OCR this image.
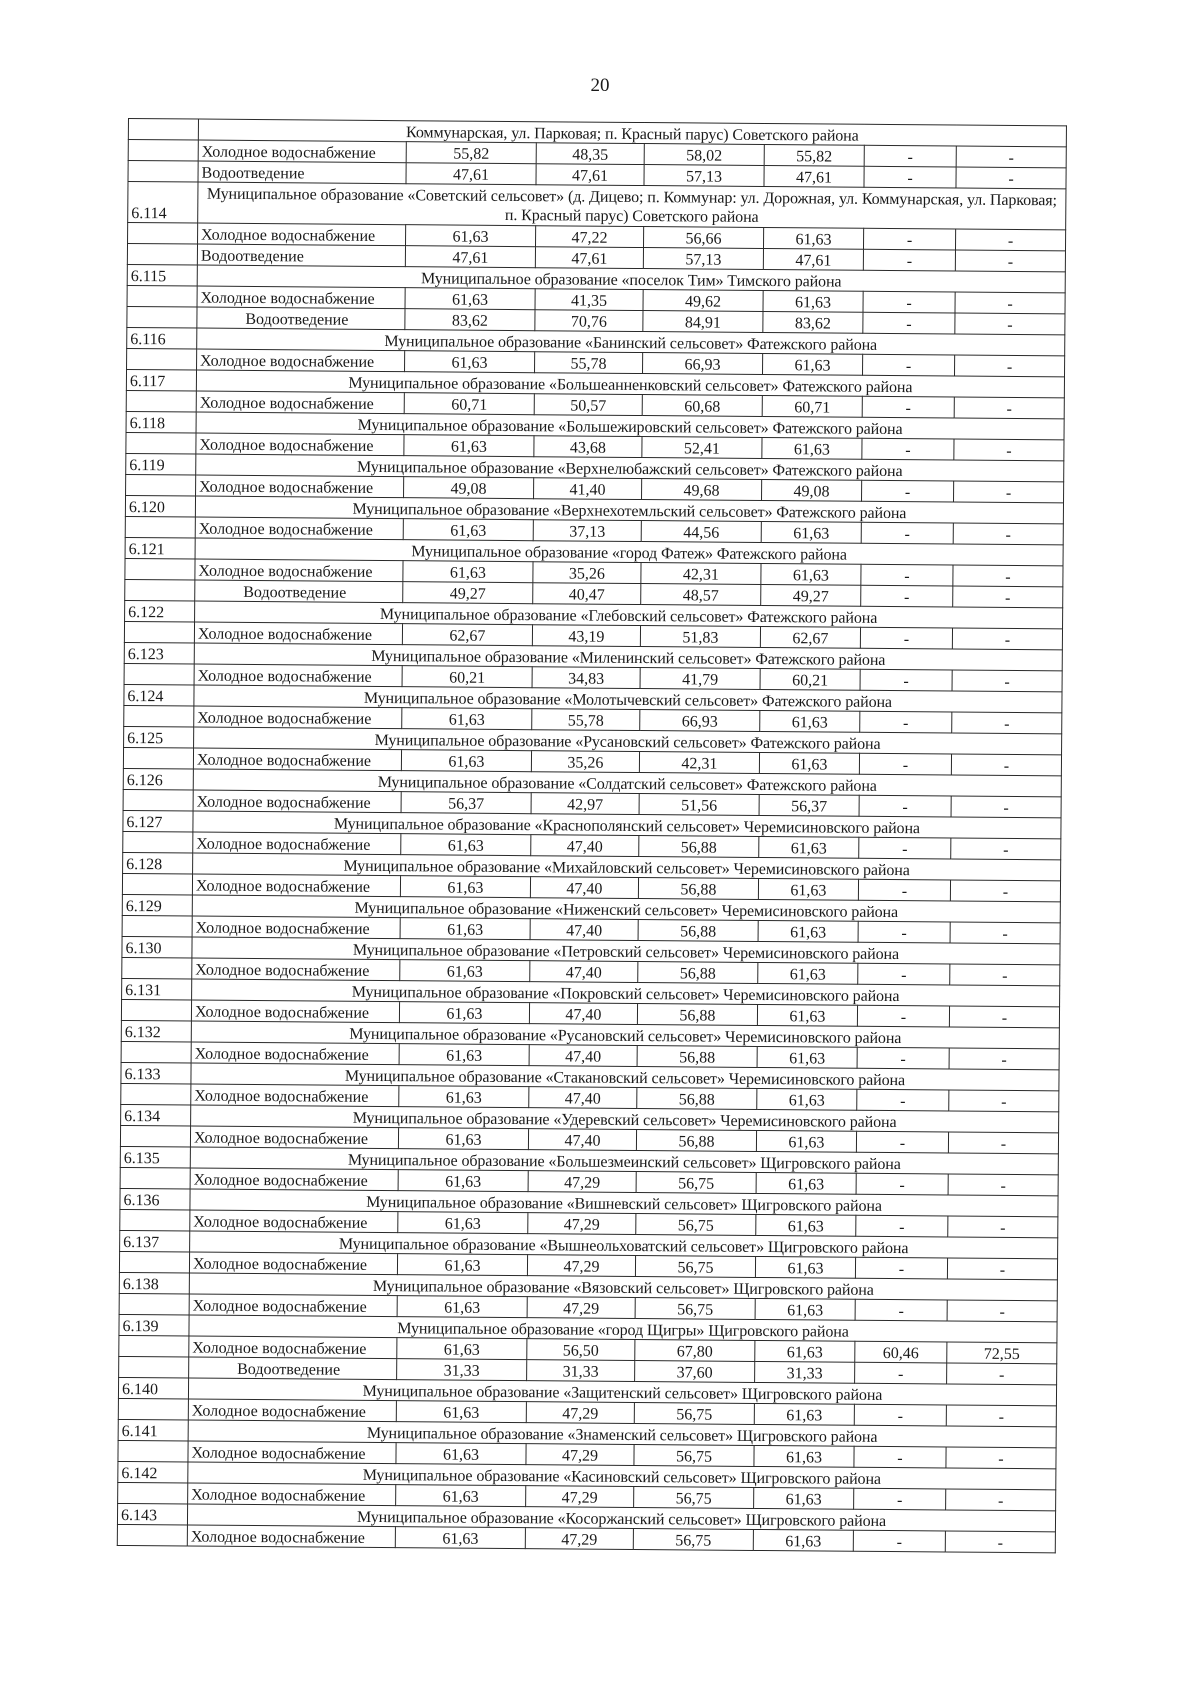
20
	Коммунарская, ул. Парковая; п. Красный парус) Советского района						
	Холодное водоснабжение	55,82	48,35	58,02	55,82	-	-
	Водоотведение	47,61	47,61	57,13	47,61	-	-
6.114	Муниципальное образование «Советский сельсовет» (д. Дицево; п. Коммунар: ул. Дорожная, ул. Коммунарская, ул. Парковая; п. Красный парус) Советского района						
	Холодное водоснабжение	61,63	47,22	56,66	61,63	-	-
	Водоотведение	47,61	47,61	57,13	47,61	-	-
6.115	Муниципальное образование «поселок Тим» Тимского района						
	Холодное водоснабжение	61,63	41,35	49,62	61,63	-	-
	Водоотведение	83,62	70,76	84,91	83,62	-	-
6.116	Муниципальное образование «Банинский сельсовет» Фатежского района						
	Холодное водоснабжение	61,63	55,78	66,93	61,63	-	-
6.117	Муниципальное образование «Большеанненковский сельсовет» Фатежского района						
	Холодное водоснабжение	60,71	50,57	60,68	60,71	-	-
6.118	Муниципальное образование «Большежировский сельсовет» Фатежского района						
	Холодное водоснабжение	61,63	43,68	52,41	61,63	-	-
6.119	Муниципальное образование «Верхнелюбажский сельсовет» Фатежского района						
	Холодное водоснабжение	49,08	41,40	49,68	49,08	-	-
6.120	Муниципальное образование «Верхнехотемльский сельсовет» Фатежского района						
	Холодное водоснабжение	61,63	37,13	44,56	61,63	-	-
6.121	Муниципальное образование «город Фатеж» Фатежского района						
	Холодное водоснабжение	61,63	35,26	42,31	61,63	-	-
	Водоотведение	49,27	40,47	48,57	49,27	-	-
6.122	Муниципальное образование «Глебовский сельсовет» Фатежского района						
	Холодное водоснабжение	62,67	43,19	51,83	62,67	-	-
6.123	Муниципальное образование «Миленинский сельсовет» Фатежского района						
	Холодное водоснабжение	60,21	34,83	41,79	60,21	-	-
6.124	Муниципальное образование «Молотычевский сельсовет» Фатежского района						
	Холодное водоснабжение	61,63	55,78	66,93	61,63	-	-
6.125	Муниципальное образование «Русановский сельсовет» Фатежского района						
	Холодное водоснабжение	61,63	35,26	42,31	61,63	-	-
6.126	Муниципальное образование «Солдатский сельсовет» Фатежского района						
	Холодное водоснабжение	56,37	42,97	51,56	56,37	-	-
6.127	Муниципальное образование «Краснополянский сельсовет» Черемисиновского района						
	Холодное водоснабжение	61,63	47,40	56,88	61,63	-	-
6.128	Муниципальное образование «Михайловский сельсовет» Черемисиновского района						
	Холодное водоснабжение	61,63	47,40	56,88	61,63	-	-
6.129	Муниципальное образование «Ниженский сельсовет» Черемисиновского района						
	Холодное водоснабжение	61,63	47,40	56,88	61,63	-	-
6.130	Муниципальное образование «Петровский сельсовет» Черемисиновского района						
	Холодное водоснабжение	61,63	47,40	56,88	61,63	-	-
6.131	Муниципальное образование «Покровский сельсовет» Черемисиновского района						
	Холодное водоснабжение	61,63	47,40	56,88	61,63	-	-
6.132	Муниципальное образование «Русановский сельсовет» Черемисиновского района						
	Холодное водоснабжение	61,63	47,40	56,88	61,63	-	-
6.133	Муниципальное образование «Стакановский сельсовет» Черемисиновского района						
	Холодное водоснабжение	61,63	47,40	56,88	61,63	-	-
6.134	Муниципальное образование «Удеревский сельсовет» Черемисиновского района						
	Холодное водоснабжение	61,63	47,40	56,88	61,63	-	-
6.135	Муниципальное образование «Большезмеинский сельсовет» Щигровского района						
	Холодное водоснабжение	61,63	47,29	56,75	61,63	-	-
6.136	Муниципальное образование «Вишневский сельсовет» Щигровского района						
	Холодное водоснабжение	61,63	47,29	56,75	61,63	-	-
6.137	Муниципальное образование «Вышнеольховатский сельсовет» Щигровского района						
	Холодное водоснабжение	61,63	47,29	56,75	61,63	-	-
6.138	Муниципальное образование «Вязовский сельсовет» Щигровского района						
	Холодное водоснабжение	61,63	47,29	56,75	61,63	-	-
6.139	Муниципальное образование «город Щигры» Щигровского района						
	Холодное водоснабжение	61,63	56,50	67,80	61,63	60,46	72,55
	Водоотведение	31,33	31,33	37,60	31,33	-	-
6.140	Муниципальное образование «Защитенский сельсовет» Щигровского района						
	Холодное водоснабжение	61,63	47,29	56,75	61,63	-	-
6.141	Муниципальное образование «Знаменский сельсовет» Щигровского района						
	Холодное водоснабжение	61,63	47,29	56,75	61,63	-	-
6.142	Муниципальное образование «Касиновский сельсовет» Щигровского района						
	Холодное водоснабжение	61,63	47,29	56,75	61,63	-	-
6.143	Муниципальное образование «Косоржанский сельсовет» Щигровского района						
	Холодное водоснабжение	61,63	47,29	56,75	61,63	-	-
